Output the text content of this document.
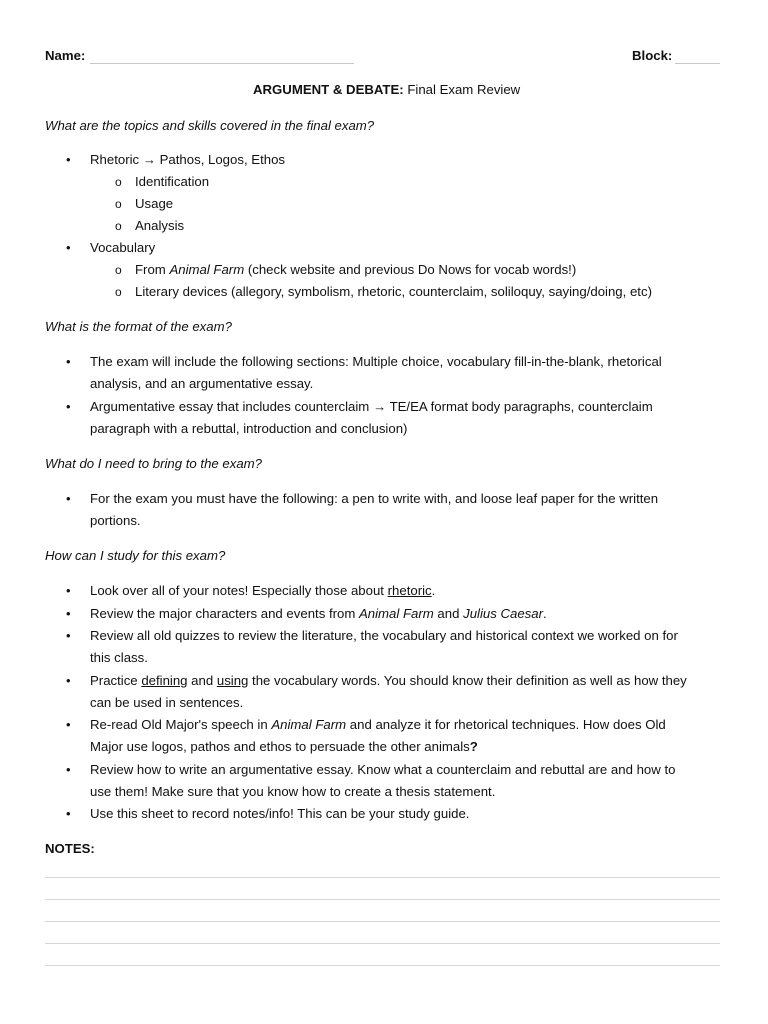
Name:	Block:
ARGUMENT & DEBATE: Final Exam Review
What are the topics and skills covered in the final exam?
• Rhetoric → Pathos, Logos, Ethos
o Identification
o Usage
o Analysis
• Vocabulary
o From Animal Farm (check website and previous Do Nows for vocab words!)
o Literary devices (allegory, symbolism, rhetoric, counterclaim, soliloquy, saying/doing, etc)
What is the format of the exam?
• The exam will include the following sections: Multiple choice, vocabulary fill-in-the-blank, rhetorical
analysis, and an argumentative essay.
• Argumentative essay that includes counterclaim → TE/EA format body paragraphs, counterclaim
paragraph with a rebuttal, introduction and conclusion)
What do I need to bring to the exam?
• For the exam you must have the following: a pen to write with, and loose leaf paper for the written
portions.
How can I study for this exam?
• Look over all of your notes! Especially those about rhetoric.
• Review the major characters and events from Animal Farm and Julius Caesar.
• Review all old quizzes to review the literature, the vocabulary and historical context we worked on for
this class.
• Practice defining and using the vocabulary words. You should know their definition as well as how they
can be used in sentences.
• Re-read Old Major's speech in Animal Farm and analyze it for rhetorical techniques. How does Old
Major use logos, pathos and ethos to persuade the other animals?
• Review how to write an argumentative essay. Know what a counterclaim and rebuttal are and how to
use them! Make sure that you know how to create a thesis statement.
• Use this sheet to record notes/info! This can be your study guide.
NOTES:
